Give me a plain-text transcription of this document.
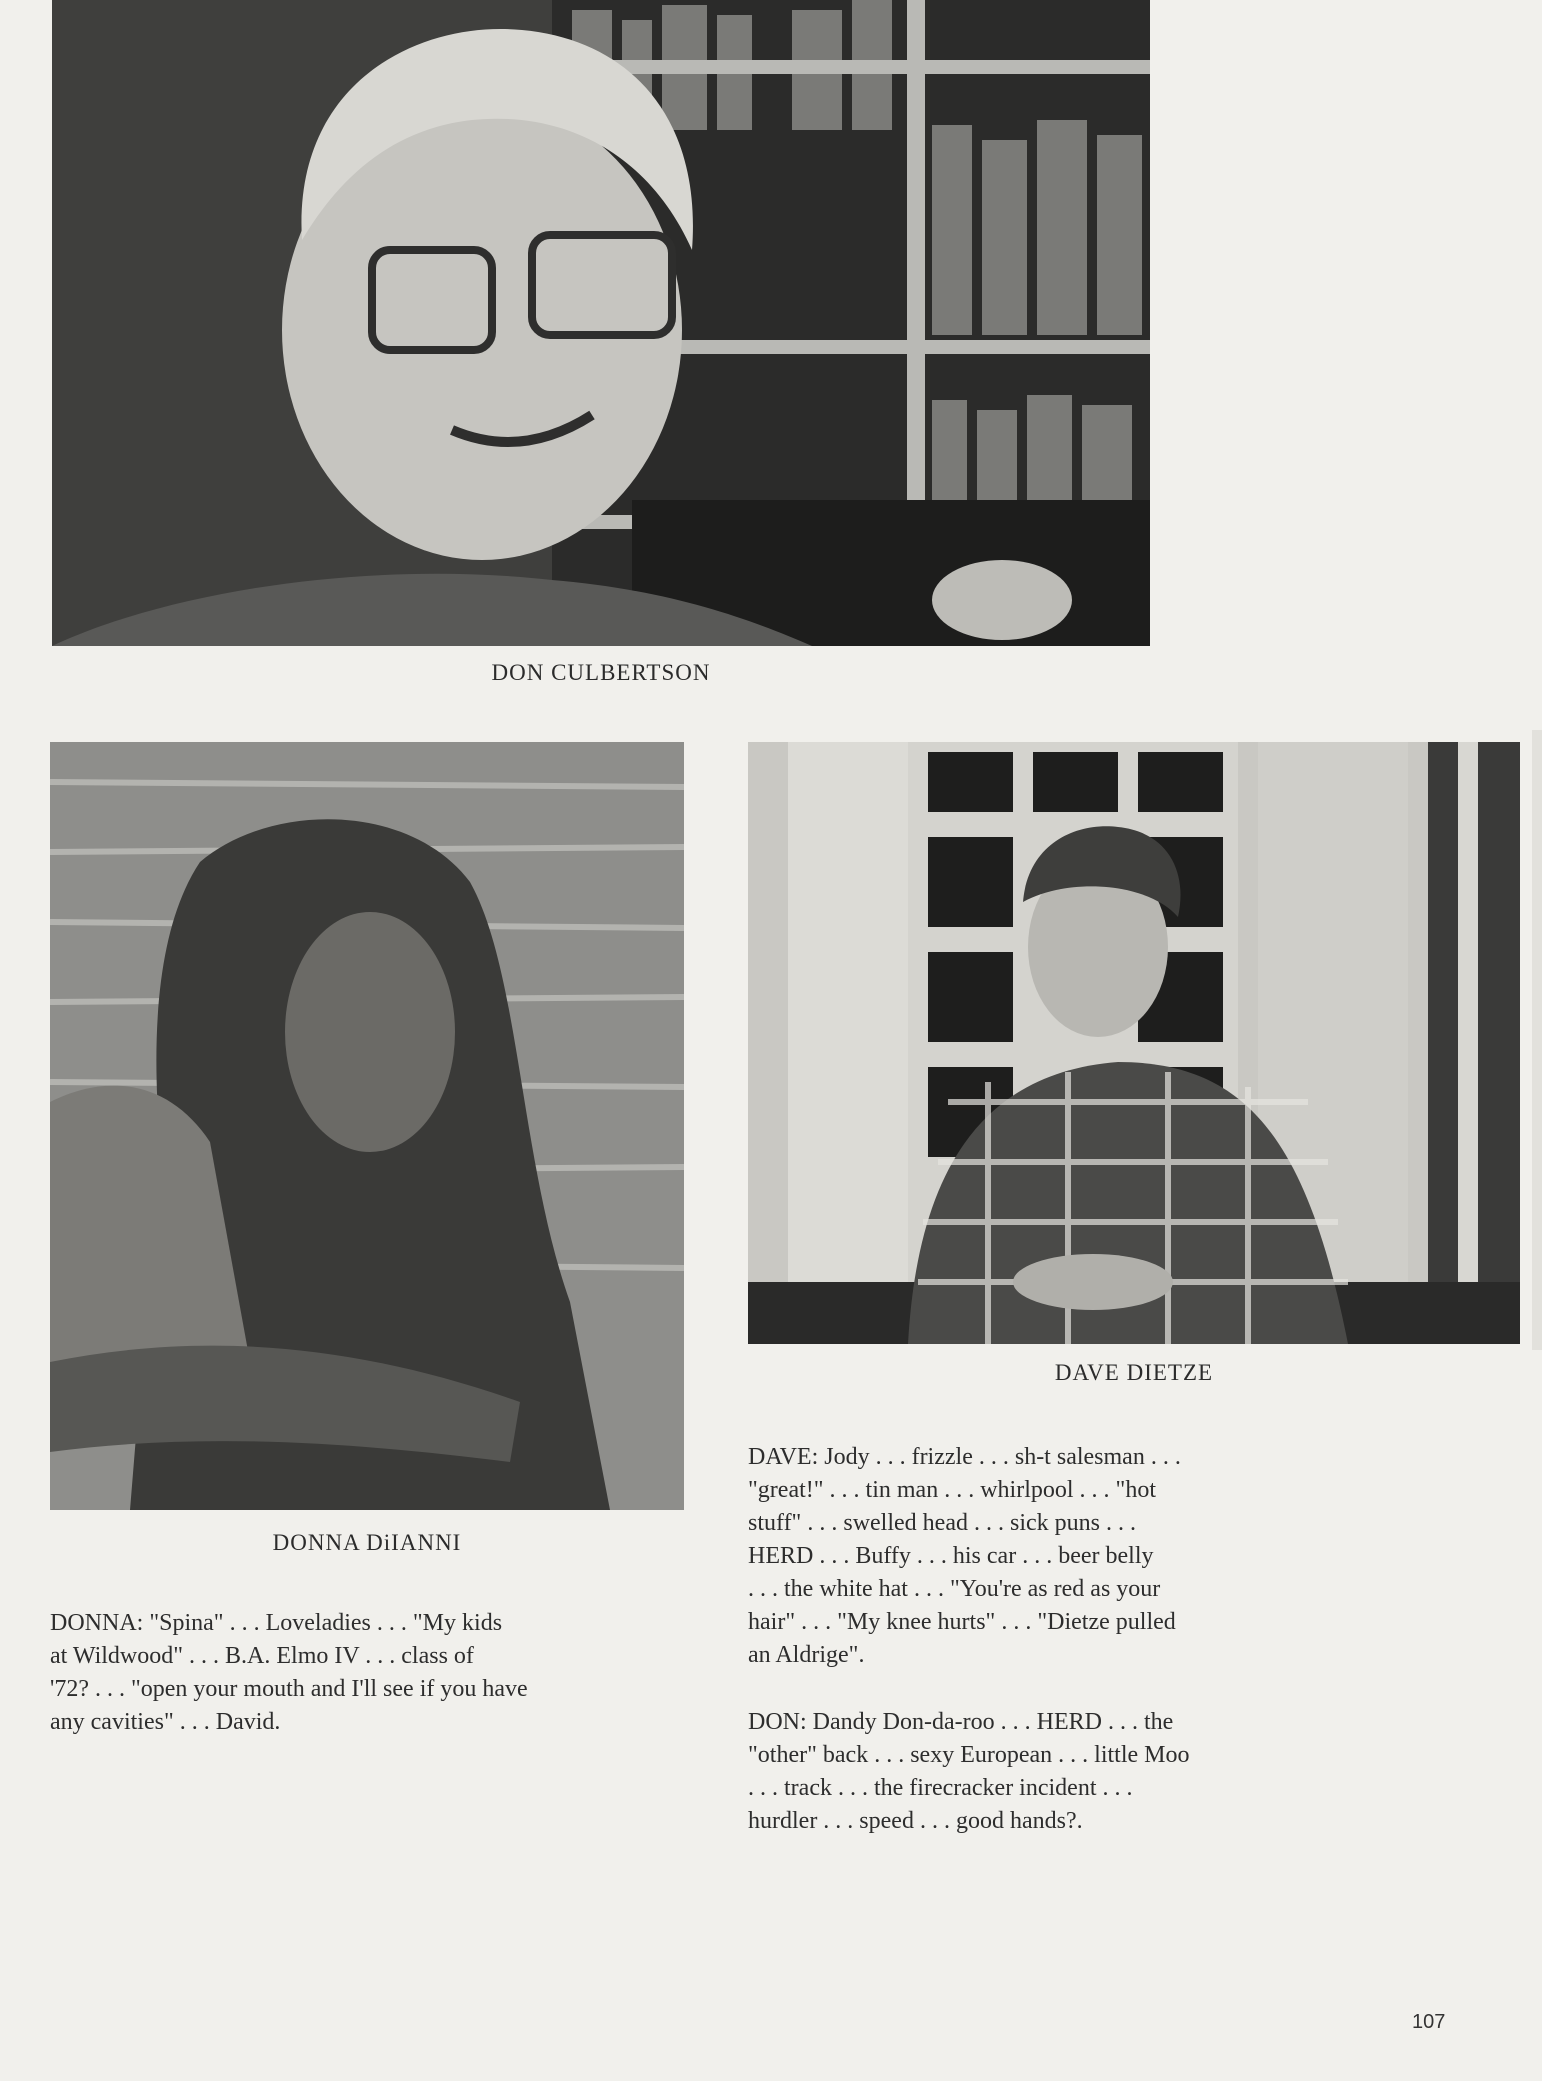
DON CULBERTSON
DONNA DiIANNI
DAVE DIETZE
DONNA: "Spina" . . . Loveladies . . . "My kids
at Wildwood" . . . B.A. Elmo IV . . . class of
'72? . . . "open your mouth and I'll see if you have
any cavities" . . . David.
DAVE: Jody . . . frizzle . . . sh-t salesman . . .
"great!" . . . tin man . . . whirlpool . . . "hot
stuff" . . . swelled head . . . sick puns . . .
HERD . . . Buffy . . . his car . . . beer belly
. . . the white hat . . . "You're as red as your
hair" . . . "My knee hurts" . . . "Dietze pulled
an Aldrige".
DON: Dandy Don-da-roo . . . HERD . . . the
"other" back . . . sexy European . . . little Moo
. . . track . . . the firecracker incident . . .
hurdler . . . speed . . . good hands?.
107
